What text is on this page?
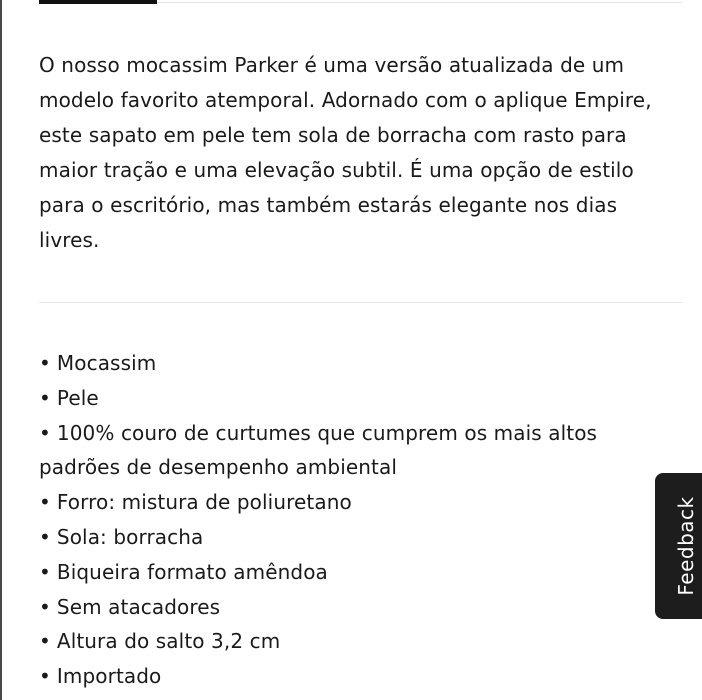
O nosso mocassim Parker é uma versão atualizada de um modelo favorito atemporal. Adornado com o aplique Empire, este sapato em pele tem sola de borracha com rasto para maior tração e uma elevação subtil. É uma opção de estilo para o escritório, mas também estarás elegante nos dias livres.

• Mocassim
• Pele
• 100% couro de curtumes que cumprem os mais altos padrões de desempenho ambiental
• Forro: mistura de poliuretano
• Sola: borracha
• Biqueira formato amêndoa
• Sem atacadores
• Altura do salto 3,2 cm
• Importado
Feedback
